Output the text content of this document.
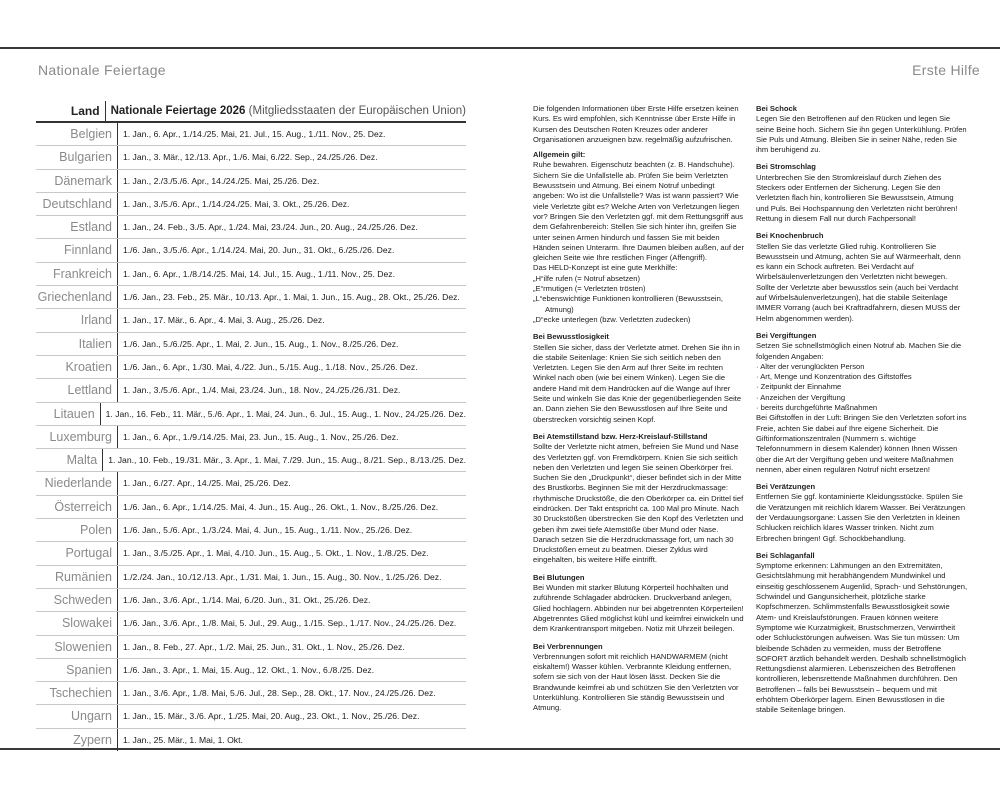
Nationale Feiertage	Erste Hilfe
Land Nationale Feiertage 2026 (Mitgliedsstaaten der Europäischen Union)
Belgien	1. Jan., 6. Apr., 1./14./25. Mai, 21. Jul., 15. Aug., 1./11. Nov., 25. Dez.
Bulgarien	1. Jan., 3. Mär., 12./13. Apr., 1./6. Mai, 6./22. Sep., 24./25./26. Dez.
Dänemark	1. Jan., 2./3./5./6. Apr., 14./24./25. Mai, 25./26. Dez.
Deutschland	1. Jan., 3./5./6. Apr., 1./14./24./25. Mai, 3. Okt., 25./26. Dez.
Estland	1. Jan., 24. Feb., 3./5. Apr., 1./24. Mai, 23./24. Jun., 20. Aug., 24./25./26. Dez.
Finnland	1./6. Jan., 3./5./6. Apr., 1./14./24. Mai, 20. Jun., 31. Okt., 6./25./26. Dez.
Frankreich	1. Jan., 6. Apr., 1./8./14./25. Mai, 14. Jul., 15. Aug., 1./11. Nov., 25. Dez.
Griechenland	1./6. Jan., 23. Feb., 25. Mär., 10./13. Apr., 1. Mai, 1. Jun., 15. Aug., 28. Okt., 25./26. Dez.
Irland	1. Jan., 17. Mär., 6. Apr., 4. Mai, 3. Aug., 25./26. Dez.
Italien	1./6. Jan., 5./6./25. Apr., 1. Mai, 2. Jun., 15. Aug., 1. Nov., 8./25./26. Dez.
Kroatien	1./6. Jan., 6. Apr., 1./30. Mai, 4./22. Jun., 5./15. Aug., 1./18. Nov., 25./26. Dez.
Lettland	1. Jan., 3./5./6. Apr., 1./4. Mai, 23./24. Jun., 18. Nov., 24./25./26./31. Dez.
Litauen	1. Jan., 16. Feb., 11. Mär., 5./6. Apr., 1. Mai, 24. Jun., 6. Jul., 15. Aug., 1. Nov., 24./25./26. Dez.
Luxemburg	1. Jan., 6. Apr., 1./9./14./25. Mai, 23. Jun., 15. Aug., 1. Nov., 25./26. Dez.
Malta	1. Jan., 10. Feb., 19./31. Mär., 3. Apr., 1. Mai, 7./29. Jun., 15. Aug., 8./21. Sep., 8./13./25. Dez.
Niederlande	1. Jan., 6./27. Apr., 14./25. Mai, 25./26. Dez.
Österreich	1./6. Jan., 6. Apr., 1./14./25. Mai, 4. Jun., 15. Aug., 26. Okt., 1. Nov., 8./25./26. Dez.
Polen	1./6. Jan., 5./6. Apr., 1./3./24. Mai, 4. Jun., 15. Aug., 1./11. Nov., 25./26. Dez.
Portugal	1. Jan., 3./5./25. Apr., 1. Mai, 4./10. Jun., 15. Aug., 5. Okt., 1. Nov., 1./8./25. Dez.
Rumänien	1./2./24. Jan., 10./12./13. Apr., 1./31. Mai, 1. Jun., 15. Aug., 30. Nov., 1./25./26. Dez.
Schweden	1./6. Jan., 3./6. Apr., 1./14. Mai, 6./20. Jun., 31. Okt., 25./26. Dez.
Slowakei	1./6. Jan., 3./6. Apr., 1./8. Mai, 5. Jul., 29. Aug., 1./15. Sep., 1./17. Nov., 24./25./26. Dez.
Slowenien	1. Jan., 8. Feb., 27. Apr., 1./2. Mai, 25. Jun., 31. Okt., 1. Nov., 25./26. Dez.
Spanien	1./6. Jan., 3. Apr., 1. Mai, 15. Aug., 12. Okt., 1. Nov., 6./8./25. Dez.
Tschechien	1. Jan., 3./6. Apr., 1./8. Mai, 5./6. Jul., 28. Sep., 28. Okt., 17. Nov., 24./25./26. Dez.
Ungarn	1. Jan., 15. Mär., 3./6. Apr., 1./25. Mai, 20. Aug., 23. Okt., 1. Nov., 25./26. Dez.
Zypern	1. Jan., 25. Mär., 1. Mai, 1. Okt.

Die folgenden Informationen über Erste Hilfe ersetzen keinen Kurs. Es wird empfohlen, sich Kenntnisse über Erste Hilfe in Kursen des Deutschen Roten Kreuzes oder anderer Organisationen anzueignen bzw. regelmäßig aufzufrischen.

Allgemein gilt:
Ruhe bewahren. Eigenschutz beachten (z. B. Handschuhe). Sichern Sie die Unfallstelle ab. Prüfen Sie beim Verletzten Bewusstsein und Atmung. Bei einem Notruf unbedingt angeben: Wo ist die Unfallstelle? Was ist wann passiert? Wie viele Verletzte gibt es? Welche Arten von Verletzungen liegen vor? Bringen Sie den Verletzten ggf. mit dem Rettungsgriff aus dem Gefahrenbereich: Stellen Sie sich hinter ihn, greifen Sie unter seinen Armen hindurch und fassen Sie mit beiden Händen seinen Unterarm. Ihre Daumen bleiben außen, auf der gleichen Seite wie Ihre restlichen Finger (Affengriff).
Das HELD-Konzept ist eine gute Merkhilfe:
„H“ilfe rufen (= Notruf absetzen)
„E“rmutigen (= Verletzten trösten)
„L“ebenswichtige Funktionen kontrollieren (Bewusstsein,
Atmung)
„D“ecke unterlegen (bzw. Verletzten zudecken)
Bei Bewusstlosigkeit
Stellen Sie sicher, dass der Verletzte atmet. Drehen Sie ihn in die stabile Seitenlage: Knien Sie sich seitlich neben den Verletzten. Legen Sie den Arm auf Ihrer Seite im rechten Winkel nach oben (wie bei einem Winken). Legen Sie die andere Hand mit dem Handrücken auf die Wange auf Ihrer Seite und winkeln Sie das Knie der gegenüberliegenden Seite an. Dann ziehen Sie den Bewusstlosen auf Ihre Seite und überstrecken vorsichtig seinen Kopf.
Bei Atemstillstand bzw. Herz-Kreislauf-Stillstand
Sollte der Verletzte nicht atmen, befreien Sie Mund und Nase des Verletzten ggf. von Fremdkörpern. Knien Sie sich seitlich neben den Verletzten und legen Sie seinen Oberkörper frei. Suchen Sie den „Druckpunkt“, dieser befindet sich in der Mitte des Brustkorbs. Beginnen Sie mit der Herzdruckmassage: rhythmische Druckstöße, die den Oberkörper ca. ein Drittel tief eindrücken. Der Takt entspricht ca. 100 Mal pro Minute. Nach 30 Druckstößen überstrecken Sie den Kopf des Verletzten und geben ihm zwei tiefe Atemstöße über Mund oder Nase. Danach setzen Sie die Herzdruckmassage fort, um nach 30 Druckstößen erneut zu beatmen. Dieser Zyklus wird eingehalten, bis weitere Hilfe eintrifft.
Bei Blutungen
Bei Wunden mit starker Blutung Körperteil hochhalten und zuführende Schlagader abdrücken. Druckverband anlegen, Glied hochlagern. Abbinden nur bei abgetrennten Körperteilen! Abgetrenntes Glied möglichst kühl und keimfrei einwickeln und dem Krankentransport mitgeben. Notiz mit Uhrzeit beilegen.
Bei Verbrennungen
Verbrennungen sofort mit reichlich HANDWARMEM (nicht eiskaltem!) Wasser kühlen. Verbrannte Kleidung entfernen, sofern sie sich von der Haut lösen lässt. Decken Sie die Brandwunde keimfrei ab und schützen Sie den Verletzten vor Unterkühlung. Kontrollieren Sie ständig Bewusstsein und Atmung.
Bei Schock
Legen Sie den Betroffenen auf den Rücken und legen Sie seine Beine hoch. Sichern Sie ihn gegen Unterkühlung. Prüfen Sie Puls und Atmung. Bleiben Sie in seiner Nähe, reden Sie ihm beruhigend zu.
Bei Stromschlag
Unterbrechen Sie den Stromkreislauf durch Ziehen des Steckers oder Entfernen der Sicherung. Legen Sie den Verletzten flach hin, kontrollieren Sie Bewusstsein, Atmung und Puls. Bei Hochspannung den Verletzten nicht berühren! Rettung in diesem Fall nur durch Fachpersonal!
Bei Knochenbruch
Stellen Sie das verletzte Glied ruhig. Kontrollieren Sie Bewusstsein und Atmung, achten Sie auf Wärmeerhalt, denn es kann ein Schock auftreten. Bei Verdacht auf Wirbelsäulenverletzungen den Verletzten nicht bewegen. Sollte der Verletzte aber bewusstlos sein (auch bei Verdacht auf Wirbelsäulenverletzungen), hat die stabile Seitenlage IMMER Vorrang (auch bei Kraftradfahrern, diesen MUSS der Helm abgenommen werden).
Bei Vergiftungen
Setzen Sie schnellstmöglich einen Notruf ab. Machen Sie die folgenden Angaben:
· Alter der verunglückten Person
· Art, Menge und Konzentration des Giftstoffes
· Zeitpunkt der Einnahme
· Anzeichen der Vergiftung
· bereits durchgeführte Maßnahmen
Bei Giftstoffen in der Luft: Bringen Sie den Verletzten sofort ins Freie, achten Sie dabei auf Ihre eigene Sicherheit. Die Giftinformationszentralen (Nummern s. wichtige Telefonnummern in diesem Kalender) können Ihnen Wissen über die Art der Vergiftung geben und weitere Maßnahmen nennen, aber einen regulären Notruf nicht ersetzen!
Bei Verätzungen
Entfernen Sie ggf. kontaminierte Kleidungsstücke. Spülen Sie die Verätzungen mit reichlich klarem Wasser. Bei Verätzungen der Verdauungsorgane: Lassen Sie den Verletzten in kleinen Schlucken reichlich klares Wasser trinken. Nicht zum Erbrechen bringen! Ggf. Schockbehandlung.
Bei Schlaganfall
Symptome erkennen: Lähmungen an den Extremitäten, Gesichtslähmung mit herabhängendem Mundwinkel und einseitig geschlossenem Augenlid, Sprach- und Sehstörungen, Schwindel und Gangunsicherheit, plötzliche starke Kopfschmerzen. Schlimmstenfalls Bewusstlosigkeit sowie Atem- und Kreislaufstörungen. Frauen können weitere Symptome wie Kurzatmigkeit, Brustschmerzen, Verwirrtheit oder Schluckstörungen aufweisen. Was Sie tun müssen: Um bleibende Schäden zu vermeiden, muss der Betroffene SOFORT ärztlich behandelt werden. Deshalb schnellstmöglich Rettungsdienst alarmieren. Lebenszeichen des Betroffenen kontrollieren, lebensrettende Maßnahmen durchführen. Den Betroffenen – falls bei Bewusstsein – bequem und mit erhöhtem Oberkörper lagern. Einen Bewusstlosen in die stabile Seitenlage bringen.
